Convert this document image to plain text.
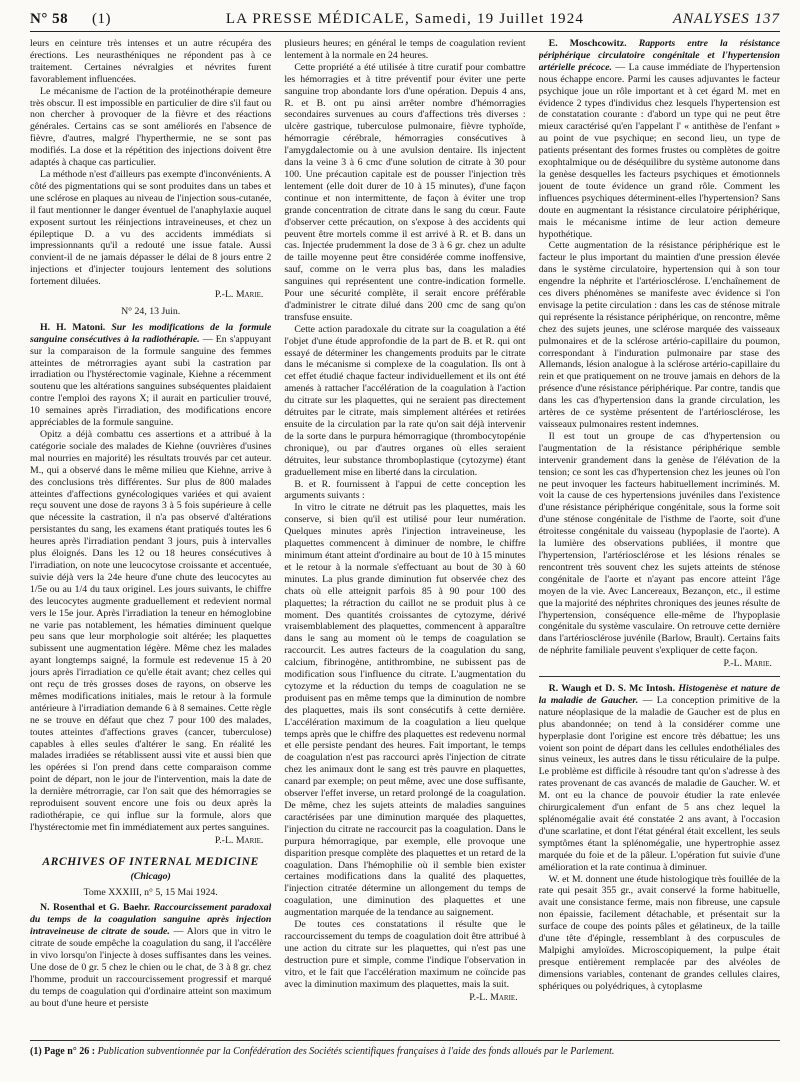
N° 58 (1)	LA PRESSE MÉDICALE, Samedi, 19 Juillet 1924	ANALYSES 137

leurs en ceinture très intenses et un autre récupéra des érections. Les neurasthéniques ne répondent pas à ce traitement. Certaines névralgies et névrites furent favorablement influencées.

Le mécanisme de l'action de la protéinothérapie demeure très obscur. Il est impossible en particulier de dire s'il faut ou non chercher à provoquer de la fièvre et des réactions générales. Certains cas se sont améliorés en l'absence de fièvre, d'autres, malgré l'hyperthermie, ne se sont pas modifiés. La dose et la répétition des injections doivent être adaptés à chaque cas particulier.

La méthode n'est d'ailleurs pas exempte d'inconvénients. A côté des pigmentations qui se sont produites dans un tabes et une sclérose en plaques au niveau de l'injection sous-cutanée, il faut mentionner le danger éventuel de l'anaphylaxie auquel exposent surtout les réinjections intraveineuses, et chez un épileptique D. a vu des accidents immédiats si impressionnants qu'il a redouté une issue fatale. Aussi convient-il de ne jamais dépasser le délai de 8 jours entre 2 injections et d'injecter toujours lentement des solutions fortement diluées.

P.-L. Marie.
N° 24, 13 Juin.

H. H. Matoni. Sur les modifications de la formule sanguine consécutives à la radiothérapie. — En s'appuyant sur la comparaison de la formule sanguine des femmes atteintes de métrorragies ayant subi la castration par irradiation ou l'hystérectomie vaginale, Kiehne a récemment soutenu que les altérations sanguines subséquentes plaidaient contre l'emploi des rayons X; il aurait en particulier trouvé, 10 semaines après l'irradiation, des modifications encore appréciables de la formule sanguine.

Opitz a déjà combattu ces assertions et a attribué à la catégorie sociale des malades de Kiehne (ouvrières d'usines mal nourries en majorité) les résultats trouvés par cet auteur. M., qui a observé dans le même milieu que Kiehne, arrive à des conclusions très différentes. Sur plus de 800 malades atteintes d'affections gynécologiques variées et qui avaient reçu souvent une dose de rayons 3 à 5 fois supérieure à celle que nécessite la castration, il n'a pas observé d'altérations persistantes du sang, les examens étant pratiqués toutes les 6 heures après l'irradiation pendant 3 jours, puis à intervalles plus éloignés. Dans les 12 ou 18 heures consécutives à l'irradiation, on note une leucocytose croissante et accentuée, suivie déjà vers la 24e heure d'une chute des leucocytes au 1/5e ou au 1/4 du taux originel. Les jours suivants, le chiffre des leucocytes augmente graduellement et redevient normal vers le 15e jour. Après l'irradiation la teneur en hémoglobine ne varie pas notablement, les hématies diminuent quelque peu sans que leur morphologie soit altérée; les plaquettes subissent une augmentation légère. Même chez les malades ayant longtemps saigné, la formule est redevenue 15 à 20 jours après l'irradiation ce qu'elle était avant; chez celles qui ont reçu de très grosses doses de rayons, on observe les mêmes modifications initiales, mais le retour à la formule antérieure à l'irradiation demande 6 à 8 semaines. Cette règle ne se trouve en défaut que chez 7 pour 100 des malades, toutes atteintes d'affections graves (cancer, tuberculose) capables à elles seules d'altérer le sang. En réalité les malades irradiées se rétablissent aussi vite et aussi bien que les opérées si l'on prend dans cette comparaison comme point de départ, non le jour de l'intervention, mais la date de la dernière métrorragie, car l'on sait que des hémorragies se reproduisent souvent encore une fois ou deux après la radiothérapie, ce qui influe sur la formule, alors que l'hystérectomie met fin immédiatement aux pertes sanguines.

P.-L. Marie.
ARCHIVES OF INTERNAL MEDICINE
(Chicago)
Tome XXXIII, n° 5, 15 Mai 1924.

N. Rosenthal et G. Baehr. Raccourcissement paradoxal du temps de la coagulation sanguine après injection intraveineuse de citrate de soude. — Alors que in vitro le citrate de soude empêche la coagulation du sang, il l'accélère in vivo lorsqu'on l'injecte à doses suffisantes dans les veines. Une dose de 0 gr. 5 chez le chien ou le chat, de 3 à 8 gr. chez l'homme, produit un raccourcissement progressif et marqué du temps de coagulation qui d'ordinaire atteint son maximum au bout d'une heure et persiste

plusieurs heures; en général le temps de coagulation revient lentement à la normale en 24 heures.

Cette propriété a été utilisée à titre curatif pour combattre les hémorragies et à titre préventif pour éviter une perte sanguine trop abondante lors d'une opération. Depuis 4 ans, R. et B. ont pu ainsi arrêter nombre d'hémorragies secondaires survenues au cours d'affections très diverses : ulcère gastrique, tuberculose pulmonaire, fièvre typhoïde, hémorragie cérébrale, hémorragies consécutives à l'amygdalectomie ou à une avulsion dentaire. Ils injectent dans la veine 3 à 6 cmc d'une solution de citrate à 30 pour 100. Une précaution capitale est de pousser l'injection très lentement (elle doit durer de 10 à 15 minutes), d'une façon continue et non intermittente, de façon à éviter une trop grande concentration de citrate dans le sang du cœur. Faute d'observer cette précaution, on s'expose à des accidents qui peuvent être mortels comme il est arrivé à R. et B. dans un cas. Injectée prudemment la dose de 3 à 6 gr. chez un adulte de taille moyenne peut être considérée comme inoffensive, sauf, comme on le verra plus bas, dans les maladies sanguines qui représentent une contre-indication formelle. Pour une sécurité complète, il serait encore préférable d'administrer le citrate dilué dans 200 cmc de sang qu'on transfuse ensuite.

Cette action paradoxale du citrate sur la coagulation a été l'objet d'une étude approfondie de la part de B. et R. qui ont essayé de déterminer les changements produits par le citrate dans le mécanisme si complexe de la coagulation. Ils ont à cet effet étudié chaque facteur individuellement et ils ont été amenés à rattacher l'accélération de la coagulation à l'action du citrate sur les plaquettes, qui ne seraient pas directement détruites par le citrate, mais simplement altérées et retirées ensuite de la circulation par la rate qu'on sait déjà intervenir de la sorte dans le purpura hémorragique (thrombocytopénie chronique), ou par d'autres organes où elles seraient détruites, leur substance thromboplastique (cytozyme) étant graduellement mise en liberté dans la circulation.

B. et R. fournissent à l'appui de cette conception les arguments suivants :

In vitro le citrate ne détruit pas les plaquettes, mais les conserve, si bien qu'il est utilisé pour leur numération. Quelques minutes après l'injection intraveineuse, les plaquettes commencent à diminuer de nombre, le chiffre minimum étant atteint d'ordinaire au bout de 10 à 15 minutes et le retour à la normale s'effectuant au bout de 30 à 60 minutes. La plus grande diminution fut observée chez des chats où elle atteignit parfois 85 à 90 pour 100 des plaquettes; la rétraction du caillot ne se produit plus à ce moment. Des quantités croissantes de cytozyme, dérivé vraisemblablement des plaquettes, commencent à apparaître dans le sang au moment où le temps de coagulation se raccourcit. Les autres facteurs de la coagulation du sang, calcium, fibrinogène, antithrombine, ne subissent pas de modification sous l'influence du citrate. L'augmentation du cytozyme et la réduction du temps de coagulation ne se produisent pas en même temps que la diminution de nombre des plaquettes, mais ils sont consécutifs à cette dernière. L'accélération maximum de la coagulation a lieu quelque temps après que le chiffre des plaquettes est redevenu normal et elle persiste pendant des heures. Fait important, le temps de coagulation n'est pas raccourci après l'injection de citrate chez les animaux dont le sang est très pauvre en plaquettes, canard par exemple; on peut même, avec une dose suffisante, observer l'effet inverse, un retard prolongé de la coagulation. De même, chez les sujets atteints de maladies sanguines caractérisées par une diminution marquée des plaquettes, l'injection du citrate ne raccourcit pas la coagulation. Dans le purpura hémorragique, par exemple, elle provoque une disparition presque complète des plaquettes et un retard de la coagulation. Dans l'hémophilie où il semble bien exister certaines modifications dans la qualité des plaquettes, l'injection citratée détermine un allongement du temps de coagulation, une diminution des plaquettes et une augmentation marquée de la tendance au saignement.

De toutes ces constatations il résulte que le raccourcissement du temps de coagulation doit être attribué à une action du citrate sur les plaquettes, qui n'est pas une destruction pure et simple, comme l'indique l'observation in vitro, et le fait que l'accélération maximum ne coïncide pas avec la diminution maximum des plaquettes, mais la suit.

P.-L. Marie.

E. Moschcowitz. Rapports entre la résistance périphérique circulatoire congénitale et l'hypertension artérielle précoce. — La cause immédiate de l'hypertension nous échappe encore. Parmi les causes adjuvantes le facteur psychique joue un rôle important et à cet égard M. met en évidence 2 types d'individus chez lesquels l'hypertension est de constatation courante : d'abord un type qui ne peut être mieux caractérisé qu'en l'appelant l' « antithèse de l'enfant » au point de vue psychique; en second lieu, un type de patients présentant des formes frustes ou complètes de goitre exophtalmique ou de déséquilibre du système autonome dans la genèse desquelles les facteurs psychiques et émotionnels jouent de toute évidence un grand rôle. Comment les influences psychiques déterminent-elles l'hypertension? Sans doute en augmentant la résistance circulatoire périphérique, mais le mécanisme intime de leur action demeure hypothétique.

Cette augmentation de la résistance périphérique est le facteur le plus important du maintien d'une pression élevée dans le système circulatoire, hypertension qui à son tour engendre la néphrite et l'artériosclérose. L'enchaînement de ces divers phénomènes se manifeste avec évidence si l'on envisage la petite circulation : dans les cas de sténose mitrale qui représente la résistance périphérique, on rencontre, même chez des sujets jeunes, une sclérose marquée des vaisseaux pulmonaires et de la sclérose artério-capillaire du poumon, correspondant à l'induration pulmonaire par stase des Allemands, lésion analogue à la sclérose artério-capillaire du rein et que pratiquement on ne trouve jamais en dehors de la présence d'une résistance périphérique. Par contre, tandis que dans les cas d'hypertension dans la grande circulation, les artères de ce système présentent de l'artériosclérose, les vaisseaux pulmonaires restent indemnes.

Il est tout un groupe de cas d'hypertension ou l'augmentation de la résistance périphérique semble intervenir grandement dans la genèse de l'élévation de la tension; ce sont les cas d'hypertension chez les jeunes où l'on ne peut invoquer les facteurs habituellement incriminés. M. voit la cause de ces hypertensions juvéniles dans l'existence d'une résistance périphérique congénitale, sous la forme soit d'une sténose congénitale de l'isthme de l'aorte, soit d'une étroitesse congénitale du vaisseau (hypoplasie de l'aorte). A la lumière des observations publiées, il montre que l'hypertension, l'artériosclérose et les lésions rénales se rencontrent très souvent chez les sujets atteints de sténose congénitale de l'aorte et n'ayant pas encore atteint l'âge moyen de la vie. Avec Lancereaux, Bezançon, etc., il estime que la majorité des néphrites chroniques des jeunes résulte de l'hypertension, conséquence elle-même de l'hypoplasie congénitale du système vasculaire. On retrouve cette dernière dans l'artériosclérose juvénile (Barlow, Brault). Certains faits de néphrite familiale peuvent s'expliquer de cette façon.

P.-L. Marie.

R. Waugh et D. S. Mc Intosh. Histogenèse et nature de la maladie de Gaucher. — La conception primitive de la nature néoplasique de la maladie de Gaucher est de plus en plus abandonnée; on tend à la considérer comme une hyperplasie dont l'origine est encore très débattue; les uns voient son point de départ dans les cellules endothéliales des sinus veineux, les autres dans le tissu réticulaire de la pulpe. Le problème est difficile à résoudre tant qu'on s'adresse à des rates provenant de cas avancés de maladie de Gaucher. W. et M. ont eu la chance de pouvoir étudier la rate enlevée chirurgicalement d'un enfant de 5 ans chez lequel la splénomégalie avait été constatée 2 ans avant, à l'occasion d'une scarlatine, et dont l'état général était excellent, les seuls symptômes étant la splénomégalie, une hypertrophie assez marquée du foie et de la pâleur. L'opération fut suivie d'une amélioration et la rate continua à diminuer.

W. et M. donnent une étude histologique très fouillée de la rate qui pesait 355 gr., avait conservé la forme habituelle, avait une consistance ferme, mais non fibreuse, une capsule non épaissie, facilement détachable, et présentait sur la surface de coupe des points pâles et gélatineux, de la taille d'une tête d'épingle, ressemblant à des corpuscules de Malpighi amyloïdes. Microscopiquement, la pulpe était presque entièrement remplacée par des alvéoles de dimensions variables, contenant de grandes cellules claires, sphériques ou polyédriques, à cytoplasme

(1) Page n° 26 : Publication subventionnée par la Confédération des Sociétés scientifiques françaises à l'aide des fonds alloués par le Parlement.
